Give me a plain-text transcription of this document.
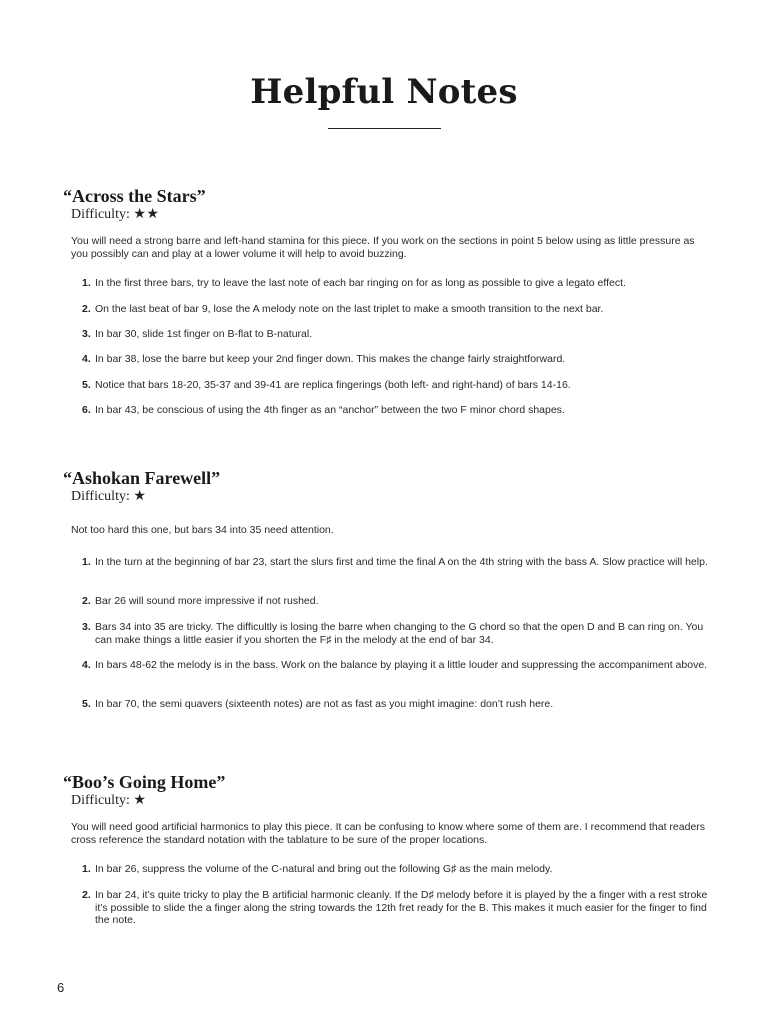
Helpful Notes
“Across the Stars”
Difficulty: ★★

You will need a strong barre and left-hand stamina for this piece. If you work on the sections in point 5 below using as little pressure as you possibly can and play at a lower volume it will help to avoid buzzing.

1. In the first three bars, try to leave the last note of each bar ringing on for as long as possible to give a legato effect.
2. On the last beat of bar 9, lose the A melody note on the last triplet to make a smooth transition to the next bar.
3. In bar 30, slide 1st finger on B-flat to B-natural.
4. In bar 38, lose the barre but keep your 2nd finger down. This makes the change fairly straightforward.
5. Notice that bars 18-20, 35-37 and 39-41 are replica fingerings (both left- and right-hand) of bars 14-16.
6. In bar 43, be conscious of using the 4th finger as an “anchor” between the two F minor chord shapes.
“Ashokan Farewell”
Difficulty: ★

Not too hard this one, but bars 34 into 35 need attention.

1. In the turn at the beginning of bar 23, start the slurs first and time the final A on the 4th string with the bass A. Slow practice will help.
2. Bar 26 will sound more impressive if not rushed.
3. Bars 34 into 35 are tricky. The difficultly is losing the barre when changing to the G chord so that the open D and B can ring on. You can make things a little easier if you shorten the F♯ in the melody at the end of bar 34.
4. In bars 48-62 the melody is in the bass. Work on the balance by playing it a little louder and suppressing the accompaniment above.
5. In bar 70, the semi quavers (sixteenth notes) are not as fast as you might imagine: don’t rush here.
“Boo’s Going Home”
Difficulty: ★

You will need good artificial harmonics to play this piece. It can be confusing to know where some of them are. I recommend that readers cross reference the standard notation with the tablature to be sure of the proper locations.

1. In bar 26, suppress the volume of the C-natural and bring out the following G♯ as the main melody.
2. In bar 24, it’s quite tricky to play the B artificial harmonic cleanly. If the D♯ melody before it is played by the a finger with a rest stroke it’s possible to slide the a finger along the string towards the 12th fret ready for the B. This makes it much easier for the finger to find the note.
6
